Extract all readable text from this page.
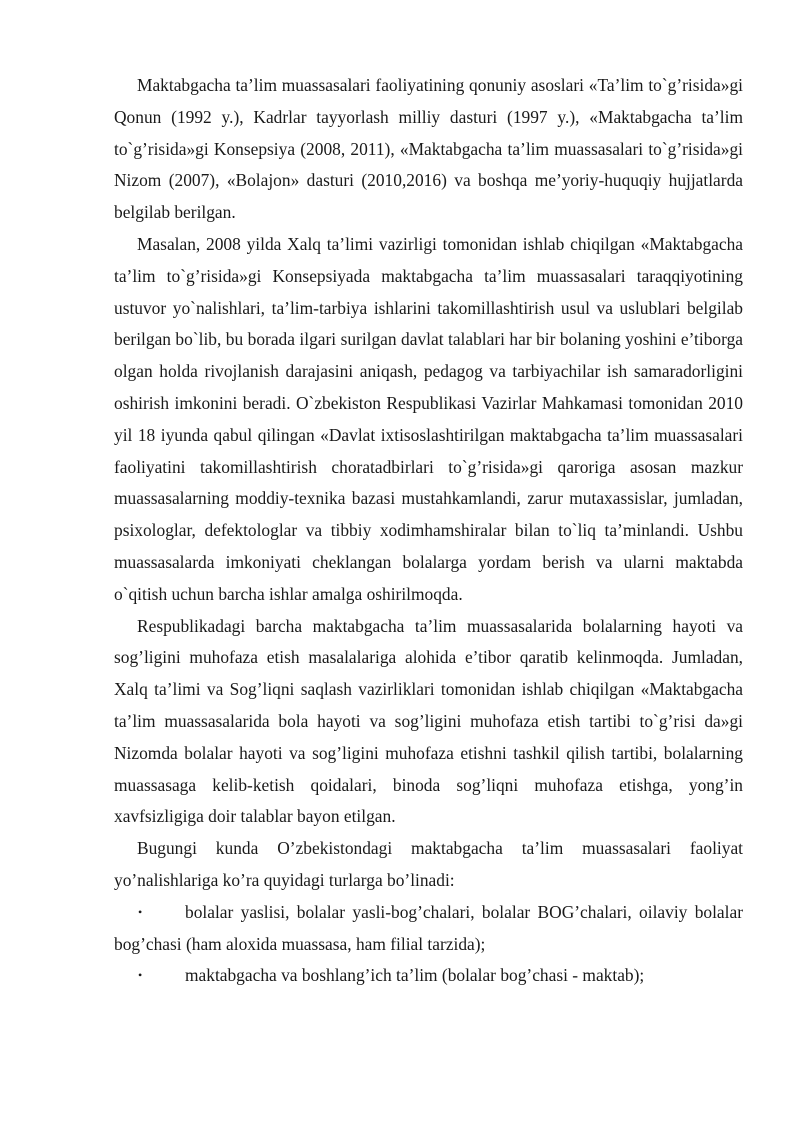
Maktabgacha ta’lim muassasalari faoliyatining qonuniy asoslari «Ta’lim to`g’risida»gi Qonun (1992 y.), Kadrlar tayyorlash milliy dasturi (1997 y.), «Maktabgacha ta’lim to`g’risida»gi Konsepsiya (2008, 2011), «Maktabgacha ta’lim muassasalari to`g’risida»gi Nizom (2007), «Bolajon» dasturi (2010,2016) va boshqa me’yoriy-huquqiy hujjatlarda belgilab berilgan.

Masalan, 2008 yilda Xalq ta’limi vazirligi tomonidan ishlab chiqilgan «Maktabgacha ta’lim to`g’risida»gi Konsepsiyada maktabgacha ta’lim muassasalari taraqqiyotining ustuvor yo`nalishlari, ta’lim-tarbiya ishlarini takomillashtirish usul va uslublari belgilab berilgan bo`lib, bu borada ilgari surilgan davlat talablari har bir bolaning yoshini e’tiborga olgan holda rivojlanish darajasini aniqash, pedagog va tarbiyachilar ish samaradorligini oshirish imkonini beradi. O`zbekiston Respublikasi Vazirlar Mahkamasi tomonidan 2010 yil 18 iyunda qabul qilingan «Davlat ixtisoslashtirilgan maktabgacha ta’lim muassasalari faoliyatini takomillashtirish choratadbirlari to`g’risida»gi qaroriga asosan mazkur muassasalarning moddiy-texnika bazasi mustahkamlandi, zarur mutaxassislar, jumladan, psixologlar, defektologlar va tibbiy xodimhamshiralar bilan to`liq ta’minlandi. Ushbu muassasalarda imkoniyati cheklangan bolalarga yordam berish va ularni maktabda o`qitish uchun barcha ishlar amalga oshirilmoqda.

Respublikadagi barcha maktabgacha ta’lim muassasalarida bolalarning hayoti va sog’ligini muhofaza etish masalalariga alohida e’tibor qaratib kelinmoqda. Jumladan, Xalq ta’limi va Sog’liqni saqlash vazirliklari tomonidan ishlab chiqilgan «Maktabgacha ta’lim muassasalarida bola hayoti va sog’ligini muhofaza etish tartibi to`g’risi da»gi Nizomda bolalar hayoti va sog’ligini muhofaza etishni tashkil qilish tartibi, bolalarning muassasaga kelib-ketish qoidalari, binoda sog’liqni muhofaza etishga, yong’in xavfsizligiga doir talablar bayon etilgan.

Bugungi kunda O’zbekistondagi maktabgacha ta’lim muassasalari faoliyat yo’nalishlariga ko’ra quyidagi turlarga bo’linadi:

• bolalar yaslisi, bolalar yasli-bog’chalari, bolalar BOG’chalari, oilaviy bolalar bog’chasi (ham aloxida muassasa, ham filial tarzida);

• maktabgacha va boshlang’ich ta’lim (bolalar bog’chasi - maktab);
